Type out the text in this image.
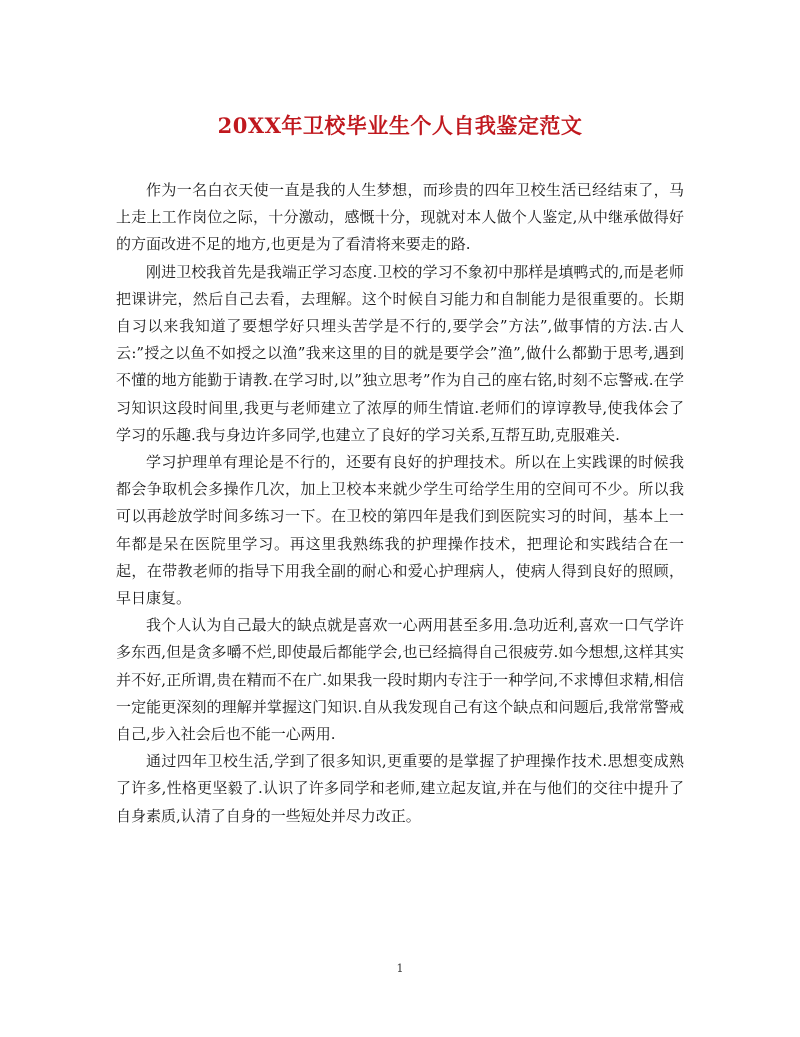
20XX年卫校毕业生个人自我鉴定范文

作为一名白衣天使一直是我的人生梦想，而珍贵的四年卫校生活已经结束了，马上走上工作岗位之际，十分激动，感慨十分，现就对本人做个人鉴定,从中继承做得好的方面改进不足的地方,也更是为了看清将来要走的路.

刚进卫校我首先是我端正学习态度.卫校的学习不象初中那样是填鸭式的,而是老师把课讲完，然后自己去看，去理解。这个时候自习能力和自制能力是很重要的。长期自习以来我知道了要想学好只埋头苦学是不行的,要学会”方法”,做事情的方法.古人云:”授之以鱼不如授之以渔”我来这里的目的就是要学会”渔”,做什么都勤于思考,遇到不懂的地方能勤于请教.在学习时,以”独立思考”作为自己的座右铭,时刻不忘警戒.在学习知识这段时间里,我更与老师建立了浓厚的师生情谊.老师们的谆谆教导,使我体会了学习的乐趣.我与身边许多同学,也建立了良好的学习关系,互帮互助,克服难关.

学习护理单有理论是不行的，还要有良好的护理技术。所以在上实践课的时候我都会争取机会多操作几次，加上卫校本来就少学生可给学生用的空间可不少。所以我可以再趁放学时间多练习一下。在卫校的第四年是我们到医院实习的时间，基本上一年都是呆在医院里学习。再这里我熟练我的护理操作技术，把理论和实践结合在一起，在带教老师的指导下用我全副的耐心和爱心护理病人，使病人得到良好的照顾，早日康复。

我个人认为自己最大的缺点就是喜欢一心两用甚至多用.急功近利,喜欢一口气学许多东西,但是贪多嚼不烂,即使最后都能学会,也已经搞得自己很疲劳.如今想想,这样其实并不好,正所谓,贵在精而不在广.如果我一段时期内专注于一种学问,不求博但求精,相信一定能更深刻的理解并掌握这门知识.自从我发现自己有这个缺点和问题后,我常常警戒自己,步入社会后也不能一心两用.

通过四年卫校生活,学到了很多知识,更重要的是掌握了护理操作技术.思想变成熟了许多,性格更坚毅了.认识了许多同学和老师,建立起友谊,并在与他们的交往中提升了自身素质,认清了自身的一些短处并尽力改正。

1
